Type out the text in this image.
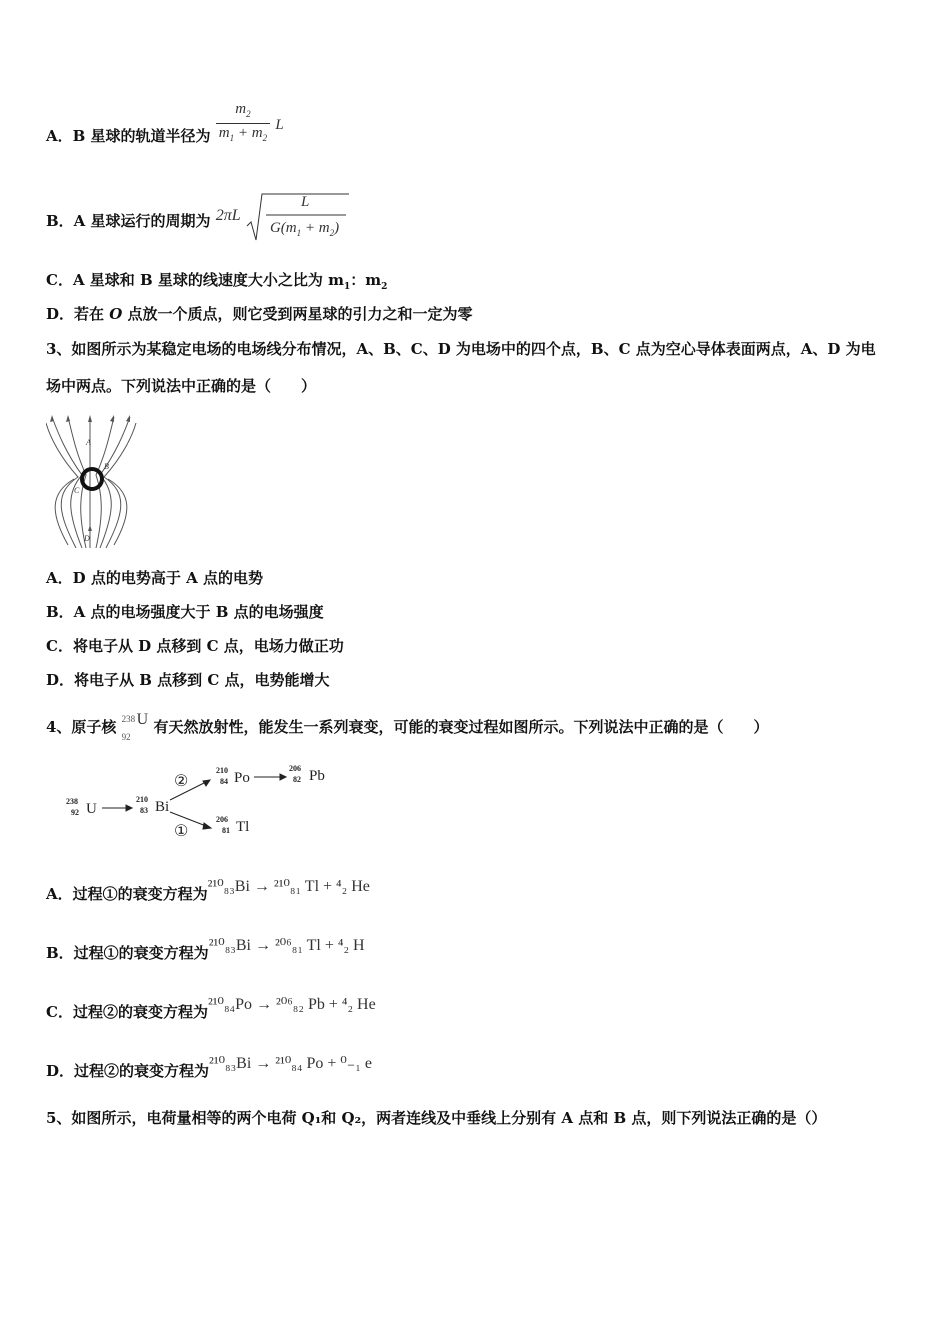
A．B 星球的轨道半径为 $\frac{m_2}{m_1 + m_2}$ L
B．A 星球运行的周期为 2πL
L
$G(m_1 + m_2)$
C．A 星球和 B 星球的线速度大小之比为 $m_1$：$m_2$
D．若在 O 点放一个质点，则它受到两星球的引力之和一定为零
3、如图所示为某稳定电场的电场线分布情况，A、B、C、D 为电场中的四个点，B、C 点为空心导体表面两点，A、D 为电
场中两点。下列说法中正确的是（　　）
A
B
C
D
A．D 点的电势高于 A 点的电势
B．A 点的电场强度大于 B 点的电场强度
C．将电子从 D 点移到 C 点，电场力做正功
D．将电子从 B 点移到 C 点，电势能增大
4、原子核 238
92
U 有天然放射性，能发生一系列衰变，可能的衰变过程如图所示。下列说法中正确的是（　　）
238
92 U
210
83 Bi
210
84 Po
206
82 Pb
206
81 Tl
②
①
A．过程①的衰变方程为²¹⁰₈₃Bi → ²¹⁰₈₁ Tl + ⁴₂ He
B．过程①的衰变方程为²¹⁰₈₃Bi → ²⁰⁶₈₁ Tl + ⁴₂ H
C．过程②的衰变方程为²¹⁰₈₄Po → ²⁰⁶₈₂ Pb + ⁴₂ He
D．过程②的衰变方程为²¹⁰₈₃Bi → ²¹⁰₈₄ Po + ⁰₋₁ e
5、如图所示，电荷量相等的两个电荷 Q₁和 Q₂，两者连线及中垂线上分别有 A 点和 B 点，则下列说法正确的是（）
